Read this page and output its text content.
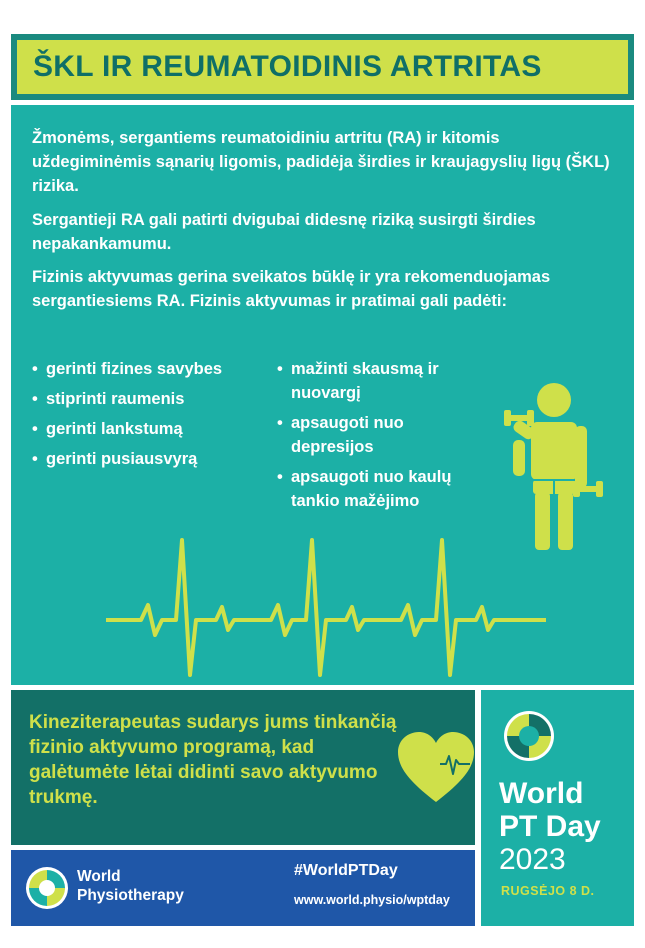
ŠKL IR REUMATOIDINIS ARTRITAS

Žmonėms, sergantiems reumatoidiniu artritu (RA) ir kitomis uždegiminėmis sąnarių ligomis, padidėja širdies ir kraujagyslių ligų (ŠKL) rizika.

Sergantieji RA gali patirti dvigubai didesnę riziką susirgti širdies nepakankamumu.

Fizinis aktyvumas gerina sveikatos būklę ir yra rekomenduojamas sergantiesiems RA. Fizinis aktyvumas ir pratimai gali padėti:

• gerinti fizines savybes
• stiprinti raumenis
• gerinti lankstumą
• gerinti pusiausvyrą
• mažinti skausmą ir nuovargį
• apsaugoti nuo depresijos
• apsaugoti nuo kaulų tankio mažėjimo

Kineziterapeutas sudarys jums tinkančią fizinio aktyvumo programą, kad galėtumėte lėtai didinti savo aktyvumo trukmę.

World
Physiotherapy
#WorldPTDay
www.world.physio/wptday
World
PT Day
2023
RUGSĖJO 8 D.
